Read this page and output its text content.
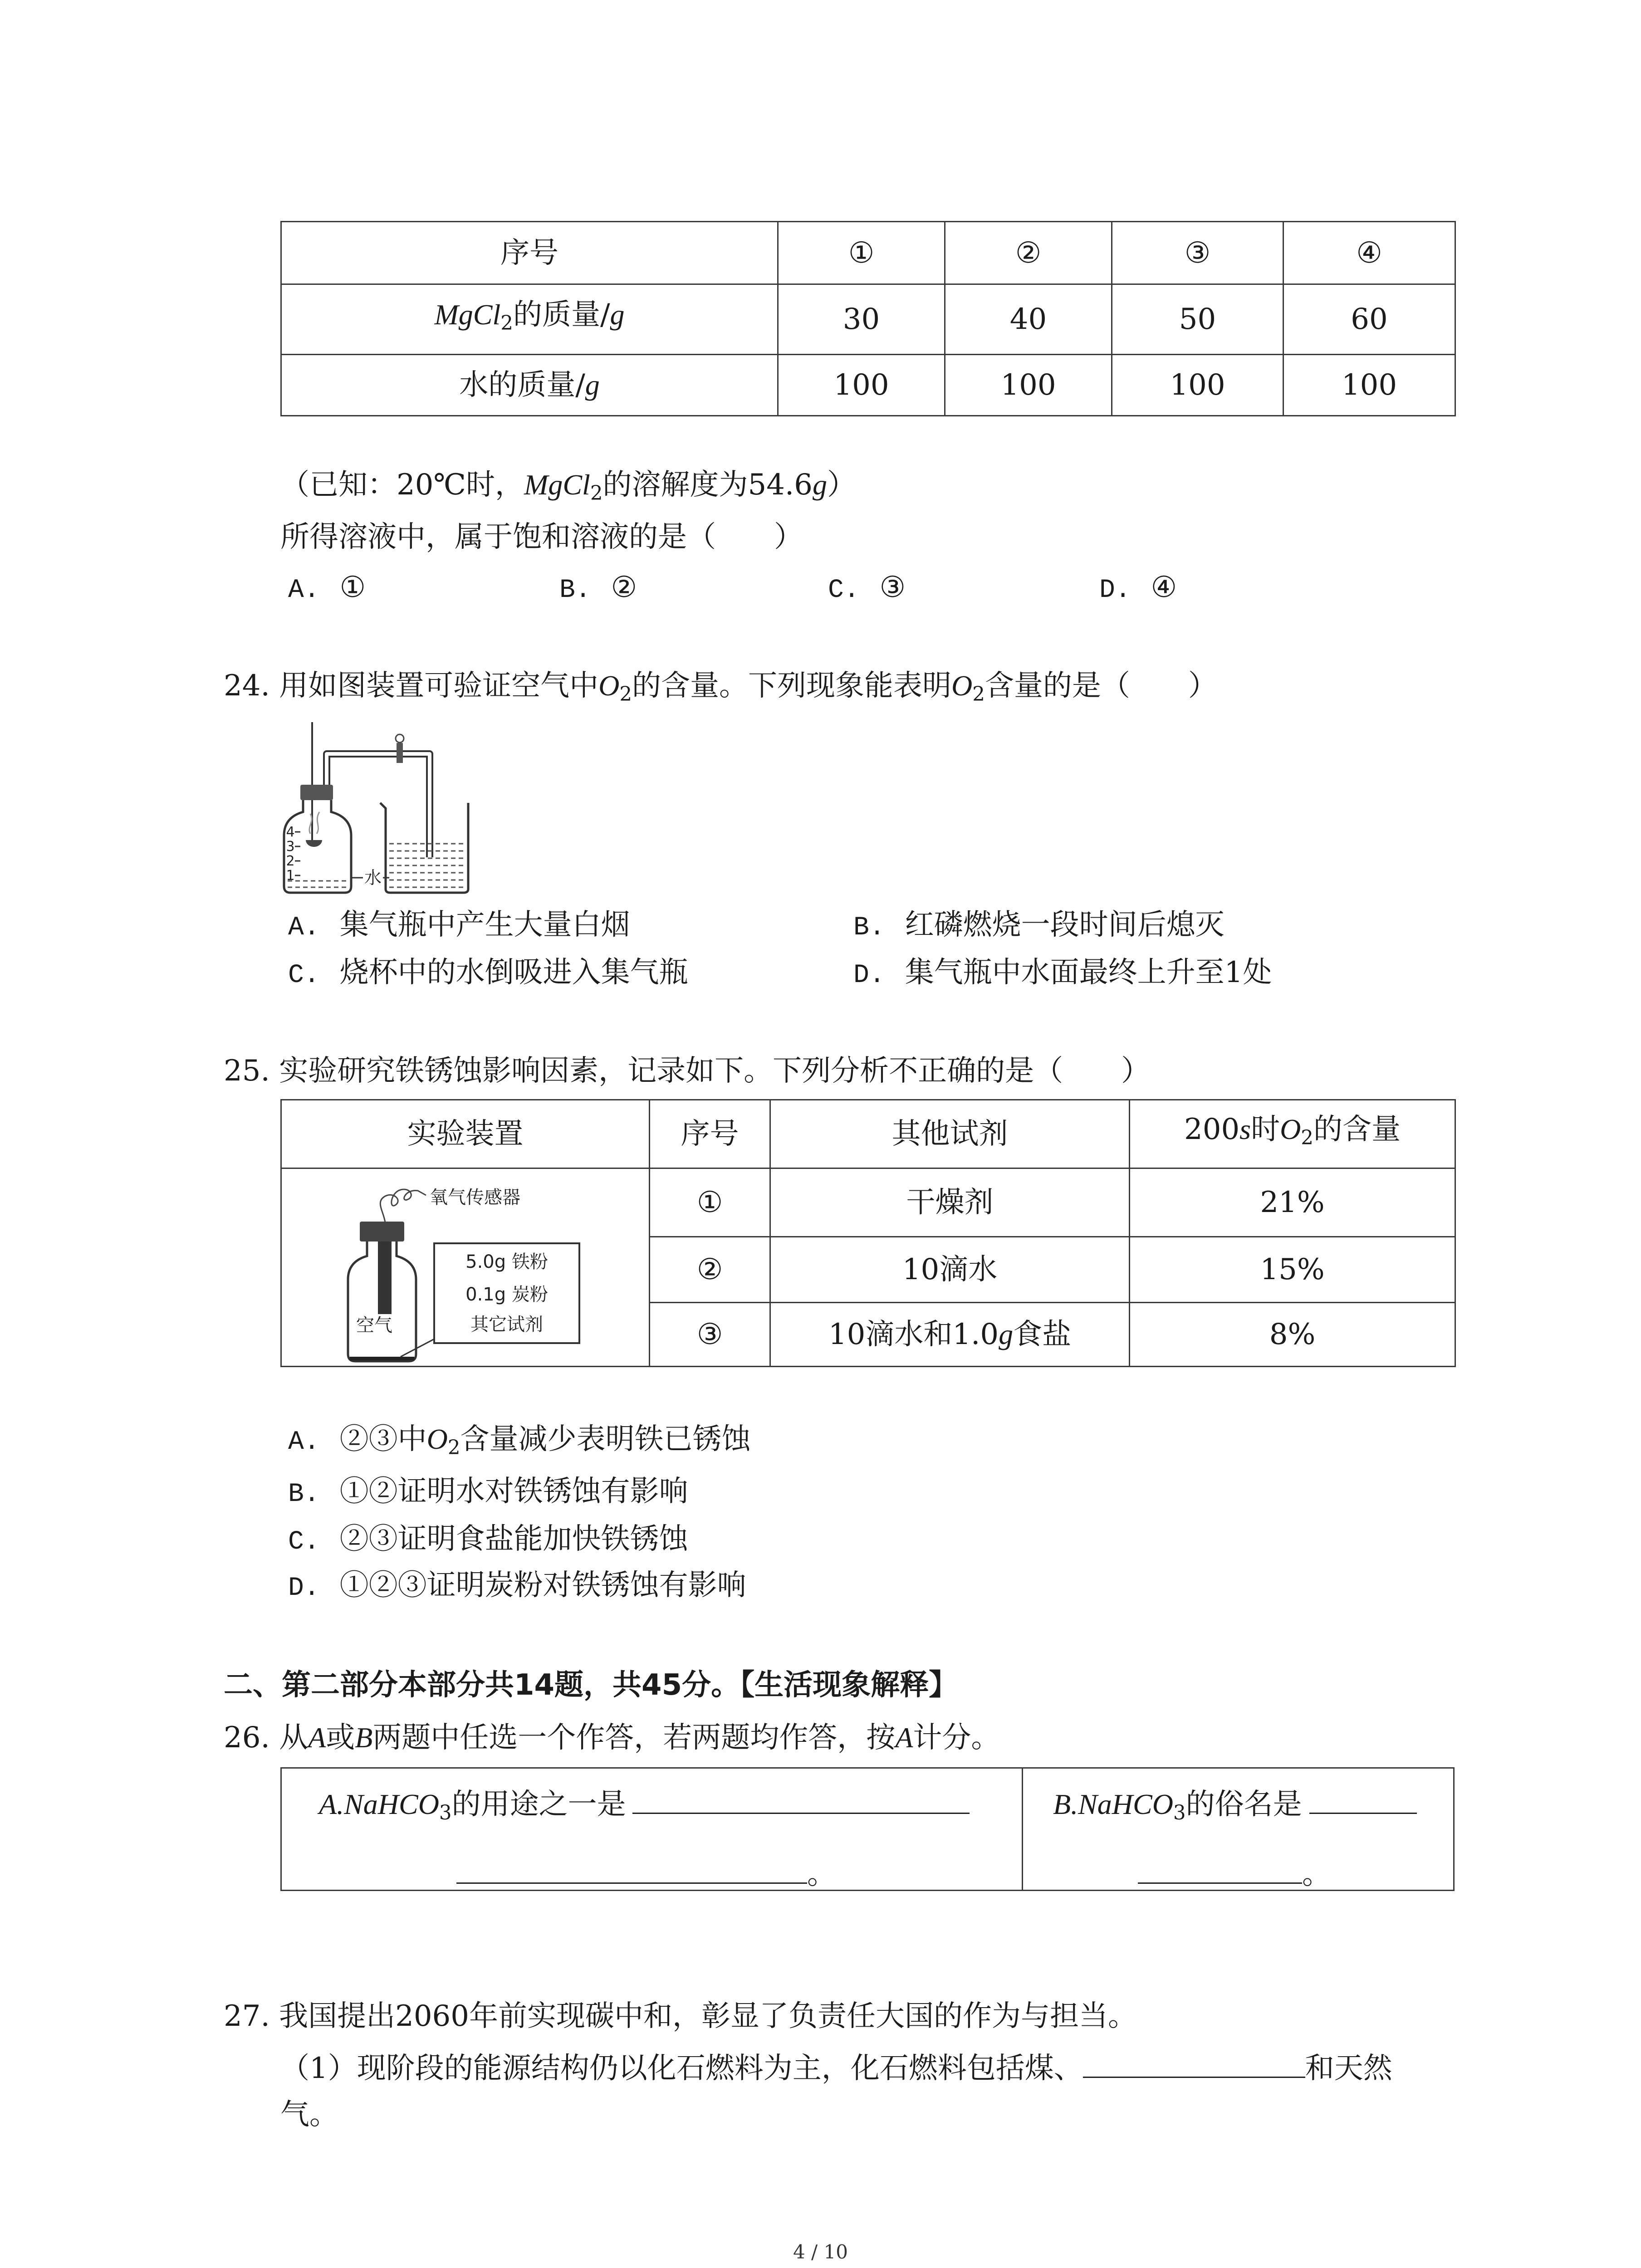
序号	①	②	③	④
MgCl$_2$的质量/g	30	40	50	60
水的质量/g	100	100	100	100
（已知：20℃时，MgCl$_2$的溶解度为54.6g）
所得溶液中，属于饱和溶液的是（　　）
A. ①	B. ②	C. ③	D. ④
24. 用如图装置可验证空气中$O_2$的含量。下列现象能表明$O_2$含量的是（　　）
4
3
2
1	水
A. 集气瓶中产生大量白烟	B. 红磷燃烧一段时间后熄灭
C. 烧杯中的水倒吸进入集气瓶	D. 集气瓶中水面最终上升至1处
25. 实验研究铁锈蚀影响因素，记录如下。下列分析不正确的是（　　）
实验装置	序号	其他试剂	200s时$O_2$的含量

氧气传感器
空气
5.0g 铁粉
0.1g 炭粉
其它试剂	①	干燥剂	21%
	②	10滴水	15%
	③	10滴水和1.0g食盐	8%
A. ②③中$O_2$含量减少表明铁已锈蚀
B. ①②证明水对铁锈蚀有影响
C. ②③证明食盐能加快铁锈蚀
D. ①②③证明炭粉对铁锈蚀有影响
二、第二部分本部分共14题，共45分。【生活现象解释】
26. 从A或B两题中任选一个作答，若两题均作答，按A计分。
A.NaHCO$_3$的用途之一是
。
B.NaHCO$_3$的俗名是
。
27. 我国提出2060年前实现碳中和，彰显了负责任大国的作为与担当。
（1）现阶段的能源结构仍以化石燃料为主，化石燃料包括煤、	和天然
气。
4 / 10
